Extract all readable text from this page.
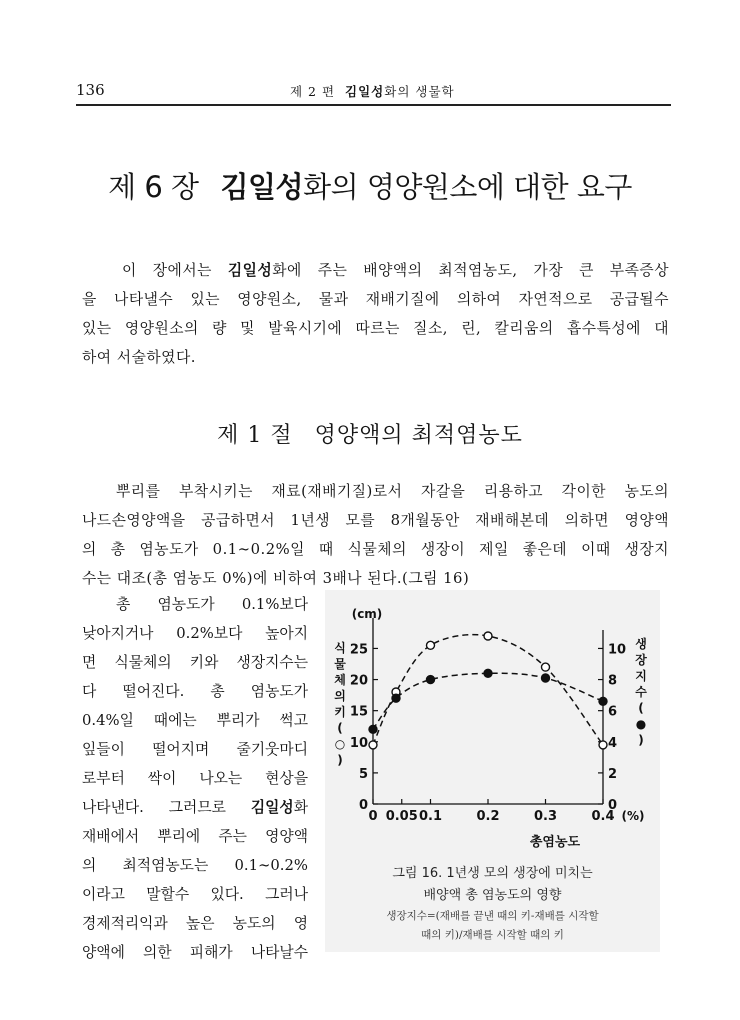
136	제 2 편 김일성화의 생물학
제 6 장 김일성화의 영양원소에 대한 요구

이 장에서는 김일성화에 주는 배양액의 최적염농도, 가장 큰 부족증상

을 나타낼수 있는 영양원소, 물과 재배기질에 의하여 자연적으로 공급될수

있는 영양원소의 량 및 발육시기에 따르는 질소, 린, 칼리움의 흡수특성에 대

하여 서술하였다.

제 1 절 영양액의 최적염농도

뿌리를 부착시키는 재료(재배기질)로서 자갈을 리용하고 각이한 농도의

나드손영양액을 공급하면서 1년생 모를 8개월동안 재배해본데 의하면 영양액

의 총 염농도가 0.1∼0.2%일 때 식물체의 생장이 제일 좋은데 이때 생장지

수는 대조(총 염농도 0%)에 비하여 3배나 된다.(그림 16)

총 염농도가 0.1%보다

낮아지거나 0.2%보다 높아지

면 식물체의 키와 생장지수는

다 떨어진다. 총 염농도가

0.4%일 때에는 뿌리가 썩고

잎들이 떨어지며 줄기웃마디

로부터 싹이 나오는 현상을

나타낸다. 그러므로 김일성화

재배에서 뿌리에 주는 영양액

의 최적염농도는 0.1∼0.2%

이라고 말할수 있다. 그러나

경제적리익과 높은 농도의 영

양액에 의한 피해가 나타날수

0
5
10
15
20
25
0
2
4
6
8
10
0 0.05 0.1	0.2	0.3	0.4
(cm)
(%)
총염농도
식
물
체
의
키
(
○
)
생
장
지
수
(
●
)
그림 16. 1년생 모의 생장에 미치는
배양액 총 염농도의 영향
생장지수=(재배를 끝낸 때의 키-재배를 시작할
때의 키)/재배를 시작할 때의 키
